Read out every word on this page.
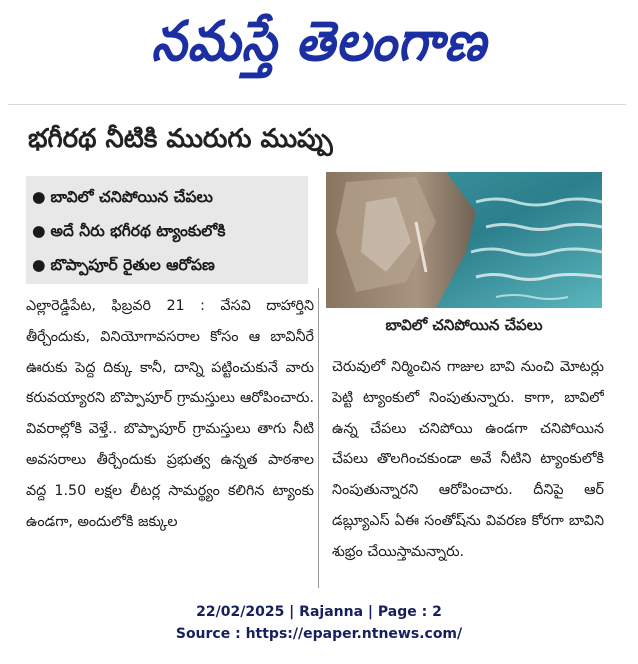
నమస్తే తెలంగాణ
భగీరథ నీటికి మురుగు ముప్పు
● బావిలో చనిపోయిన చేపలు
● అదే నీరు భగీరథ ట్యాంకులోకి
● బొప్పాపూర్‌ రైతుల ఆరోపణ
బావిలో చనిపోయిన చేపలు
ఎల్లారెడ్డిపేట, ఫిబ్రవరి 21 : వేసవి దాహార్తిని తీర్చేందుకు, వినియోగావసరాల కోసం ఆ బావినీరే ఊరుకు పెద్ద దిక్కు కానీ, దాన్ని పట్టించుకునే వారు కరువయ్యారని బొప్పాపూర్‌ గ్రామస్తులు ఆరోపించారు. వివరాల్లోకి వెళ్తే.. బొప్పాపూర్‌ గ్రామస్తులు తాగు నీటి అవసరాలు తీర్చేందుకు ప్రభుత్వ ఉన్నత పాఠశాల వద్ద 1.50 లక్షల లీటర్ల సామర్థ్యం కలిగిన ట్యాంకు ఉండగా, అందులోకి జక్కుల
చెరువులో నిర్మించిన గాజుల బావి నుంచి మోటర్లు పెట్టి ట్యాంకులో నింపుతున్నారు. కాగా, బావిలో ఉన్న చేపలు చనిపోయి ఉండగా చనిపోయిన చేపలు తొలగించకుండా అవే నీటిని ట్యాంకులోకి నింపుతున్నారని ఆరోపించారు. దీనిపై ఆర్‌ డబ్ల్యూఎస్‌ ఏఈ సంతోష్‌ను వివరణ కోరగా బావిని శుభ్రం చేయిస్తామన్నారు.
22/02/2025 | Rajanna | Page : 2
Source : https://epaper.ntnews.com/
